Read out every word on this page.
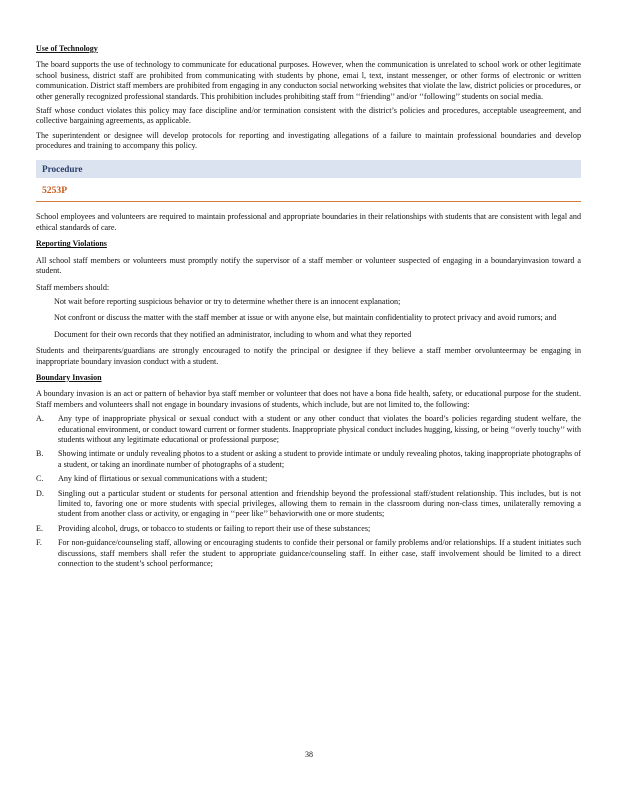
Use of Technology

The board supports the use of technology to communicate for educational purposes. However, when the communication is unrelated to school work or other legitimate school business, district staff are prohibited from communicating with students by phone, emai l, text, instant messenger, or other forms of electronic or written communication. District staff members are prohibited from engaging in any conducton social networking websites that violate the law, district policies or procedures, or other generally recognized professional standards. This prohibition includes prohibiting staff from ‘‘friending’’ and/or ‘‘following’’ students on social media.

Staff whose conduct violates this policy may face discipline and/or termination consistent with the district’s policies and procedures, acceptable useagreement, and collective bargaining agreements, as applicable.

The superintendent or designee will develop protocols for reporting and investigating allegations of a failure to maintain professional boundaries and develop procedures and training to accompany this policy.

Procedure
5253P

School employees and volunteers are required to maintain professional and appropriate boundaries in their relationships with students that are consistent with legal and ethical standards of care.

Reporting Violations

All school staff members or volunteers must promptly notify the supervisor of a staff member or volunteer suspected of engaging in a boundaryinvasion toward a student.

Staff members should:

Not wait before reporting suspicious behavior or try to determine whether there is an innocent explanation;
Not confront or discuss the matter with the staff member at issue or with anyone else, but maintain confidentiality to protect privacy and avoid rumors; and
Document for their own records that they notified an administrator, including to whom and what they reported

Students and theirparents/guardians are strongly encouraged to notify the principal or designee if they believe a staff member orvolunteermay be engaging in inappropriate boundary invasion conduct with a student.

Boundary Invasion

A boundary invasion is an act or pattern of behavior bya staff member or volunteer that does not have a bona fide health, safety, or educational purpose for the student. Staff members and volunteers shall not engage in boundary invasions of students, which include, but are not limited to, the following:

A.	Any type of inappropriate physical or sexual conduct with a student or any other conduct that violates the board’s policies regarding student welfare, the educational environment, or conduct toward current or former students. Inappropriate physical conduct includes hugging, kissing, or being ‘‘overly touchy’’ with students without any legitimate educational or professional purpose;
B.	Showing intimate or unduly revealing photos to a student or asking a student to provide intimate or unduly revealing photos, taking inappropriate photographs of a student, or taking an inordinate number of photographs of a student;
C.	Any kind of flirtatious or sexual communications with a student;
D.	Singling out a particular student or students for personal attention and friendship beyond the professional staff/student relationship. This includes, but is not limited to, favoring one or more students with special privileges, allowing them to remain in the classroom during non-class times, unilaterally removing a student from another class or activity, or engaging in ‘‘peer like’’ behaviorwith one or more students;
E.	Providing alcohol, drugs, or tobacco to students or failing to report their use of these substances;
F.	For non-guidance/counseling staff, allowing or encouraging students to confide their personal or family problems and/or relationships. If a student initiates such discussions, staff members shall refer the student to appropriate guidance/counseling staff. In either case, staff involvement should be limited to a direct connection to the student’s school performance;
38
